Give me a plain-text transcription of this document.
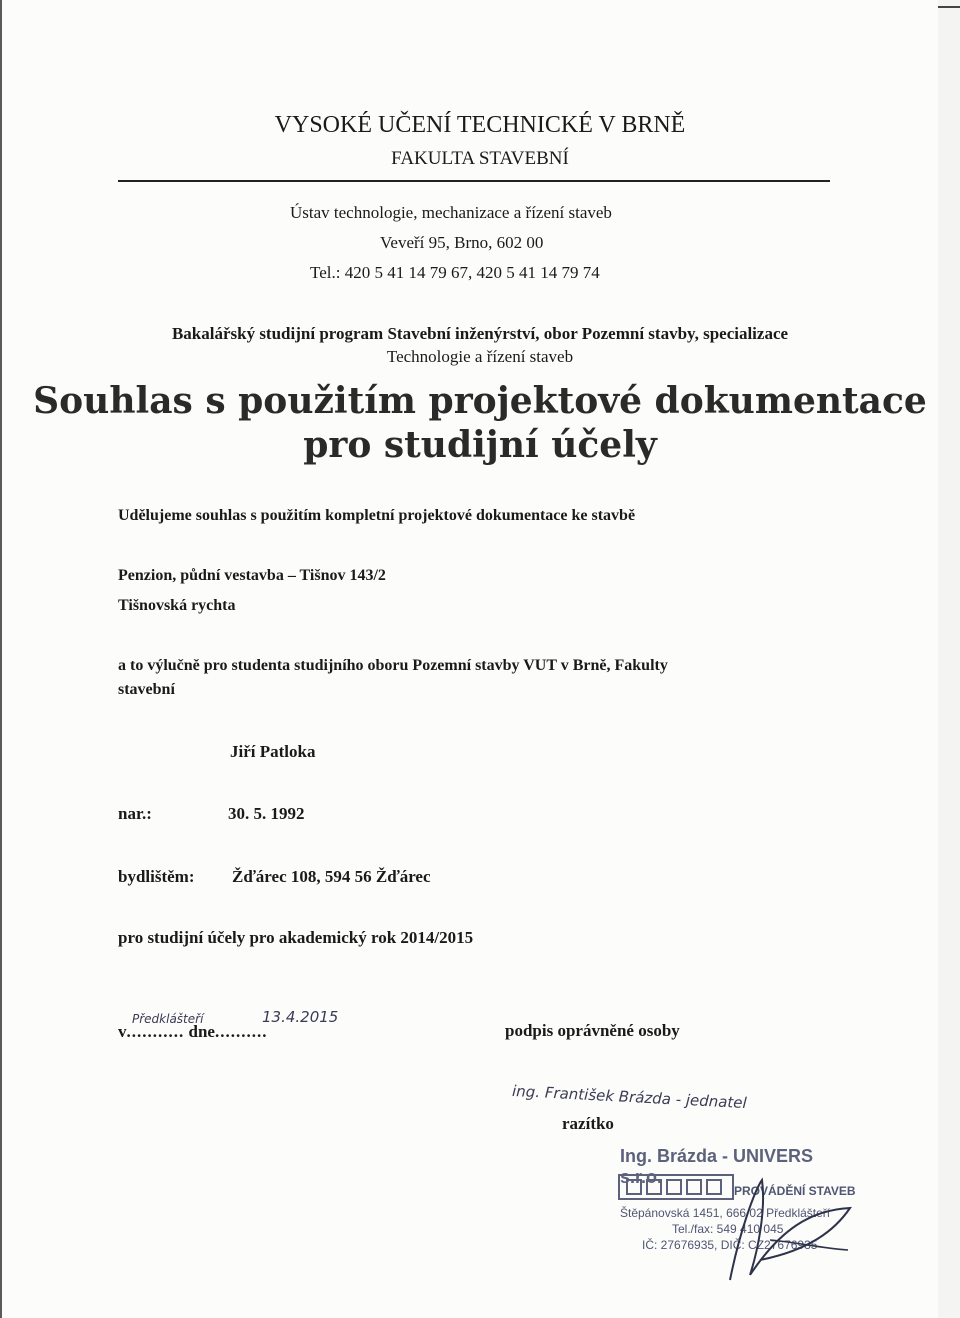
VYSOKÉ UČENÍ TECHNICKÉ V BRNĚ
FAKULTA STAVEBNÍ
Ústav technologie, mechanizace a řízení staveb
Veveří 95, Brno, 602 00
Tel.: 420 5 41 14 79 67, 420 5 41 14 79 74
Bakalářský studijní program Stavební inženýrství, obor Pozemní stavby, specializace
Technologie a řízení staveb
Souhlas s použitím projektové dokumentace
pro studijní účely
Udělujeme souhlas s použitím kompletní projektové dokumentace ke stavbě
Penzion, půdní vestavba – Tišnov 143/2
Tišnovská rychta
a to výlučně pro studenta studijního oboru Pozemní stavby VUT v Brně, Fakulty
stavební
Jiří Patloka
nar.:	30. 5. 1992
bydlištěm: Žďárec 108, 594 56 Žďárec
pro studijní účely pro akademický rok 2014/2015
v........... dne..........
Předklášteří	13.4.2015
podpis oprávněné osoby
ing. František Brázda - jednatel
razítko
Ing. Brázda - UNIVERS s.r.o.
PROVÁDĚNÍ STAVEB
Štěpánovská 1451, 666 02 Předklášteří
Tel./fax: 549 410 045
IČ: 27676935, DIČ: CZ27676935
